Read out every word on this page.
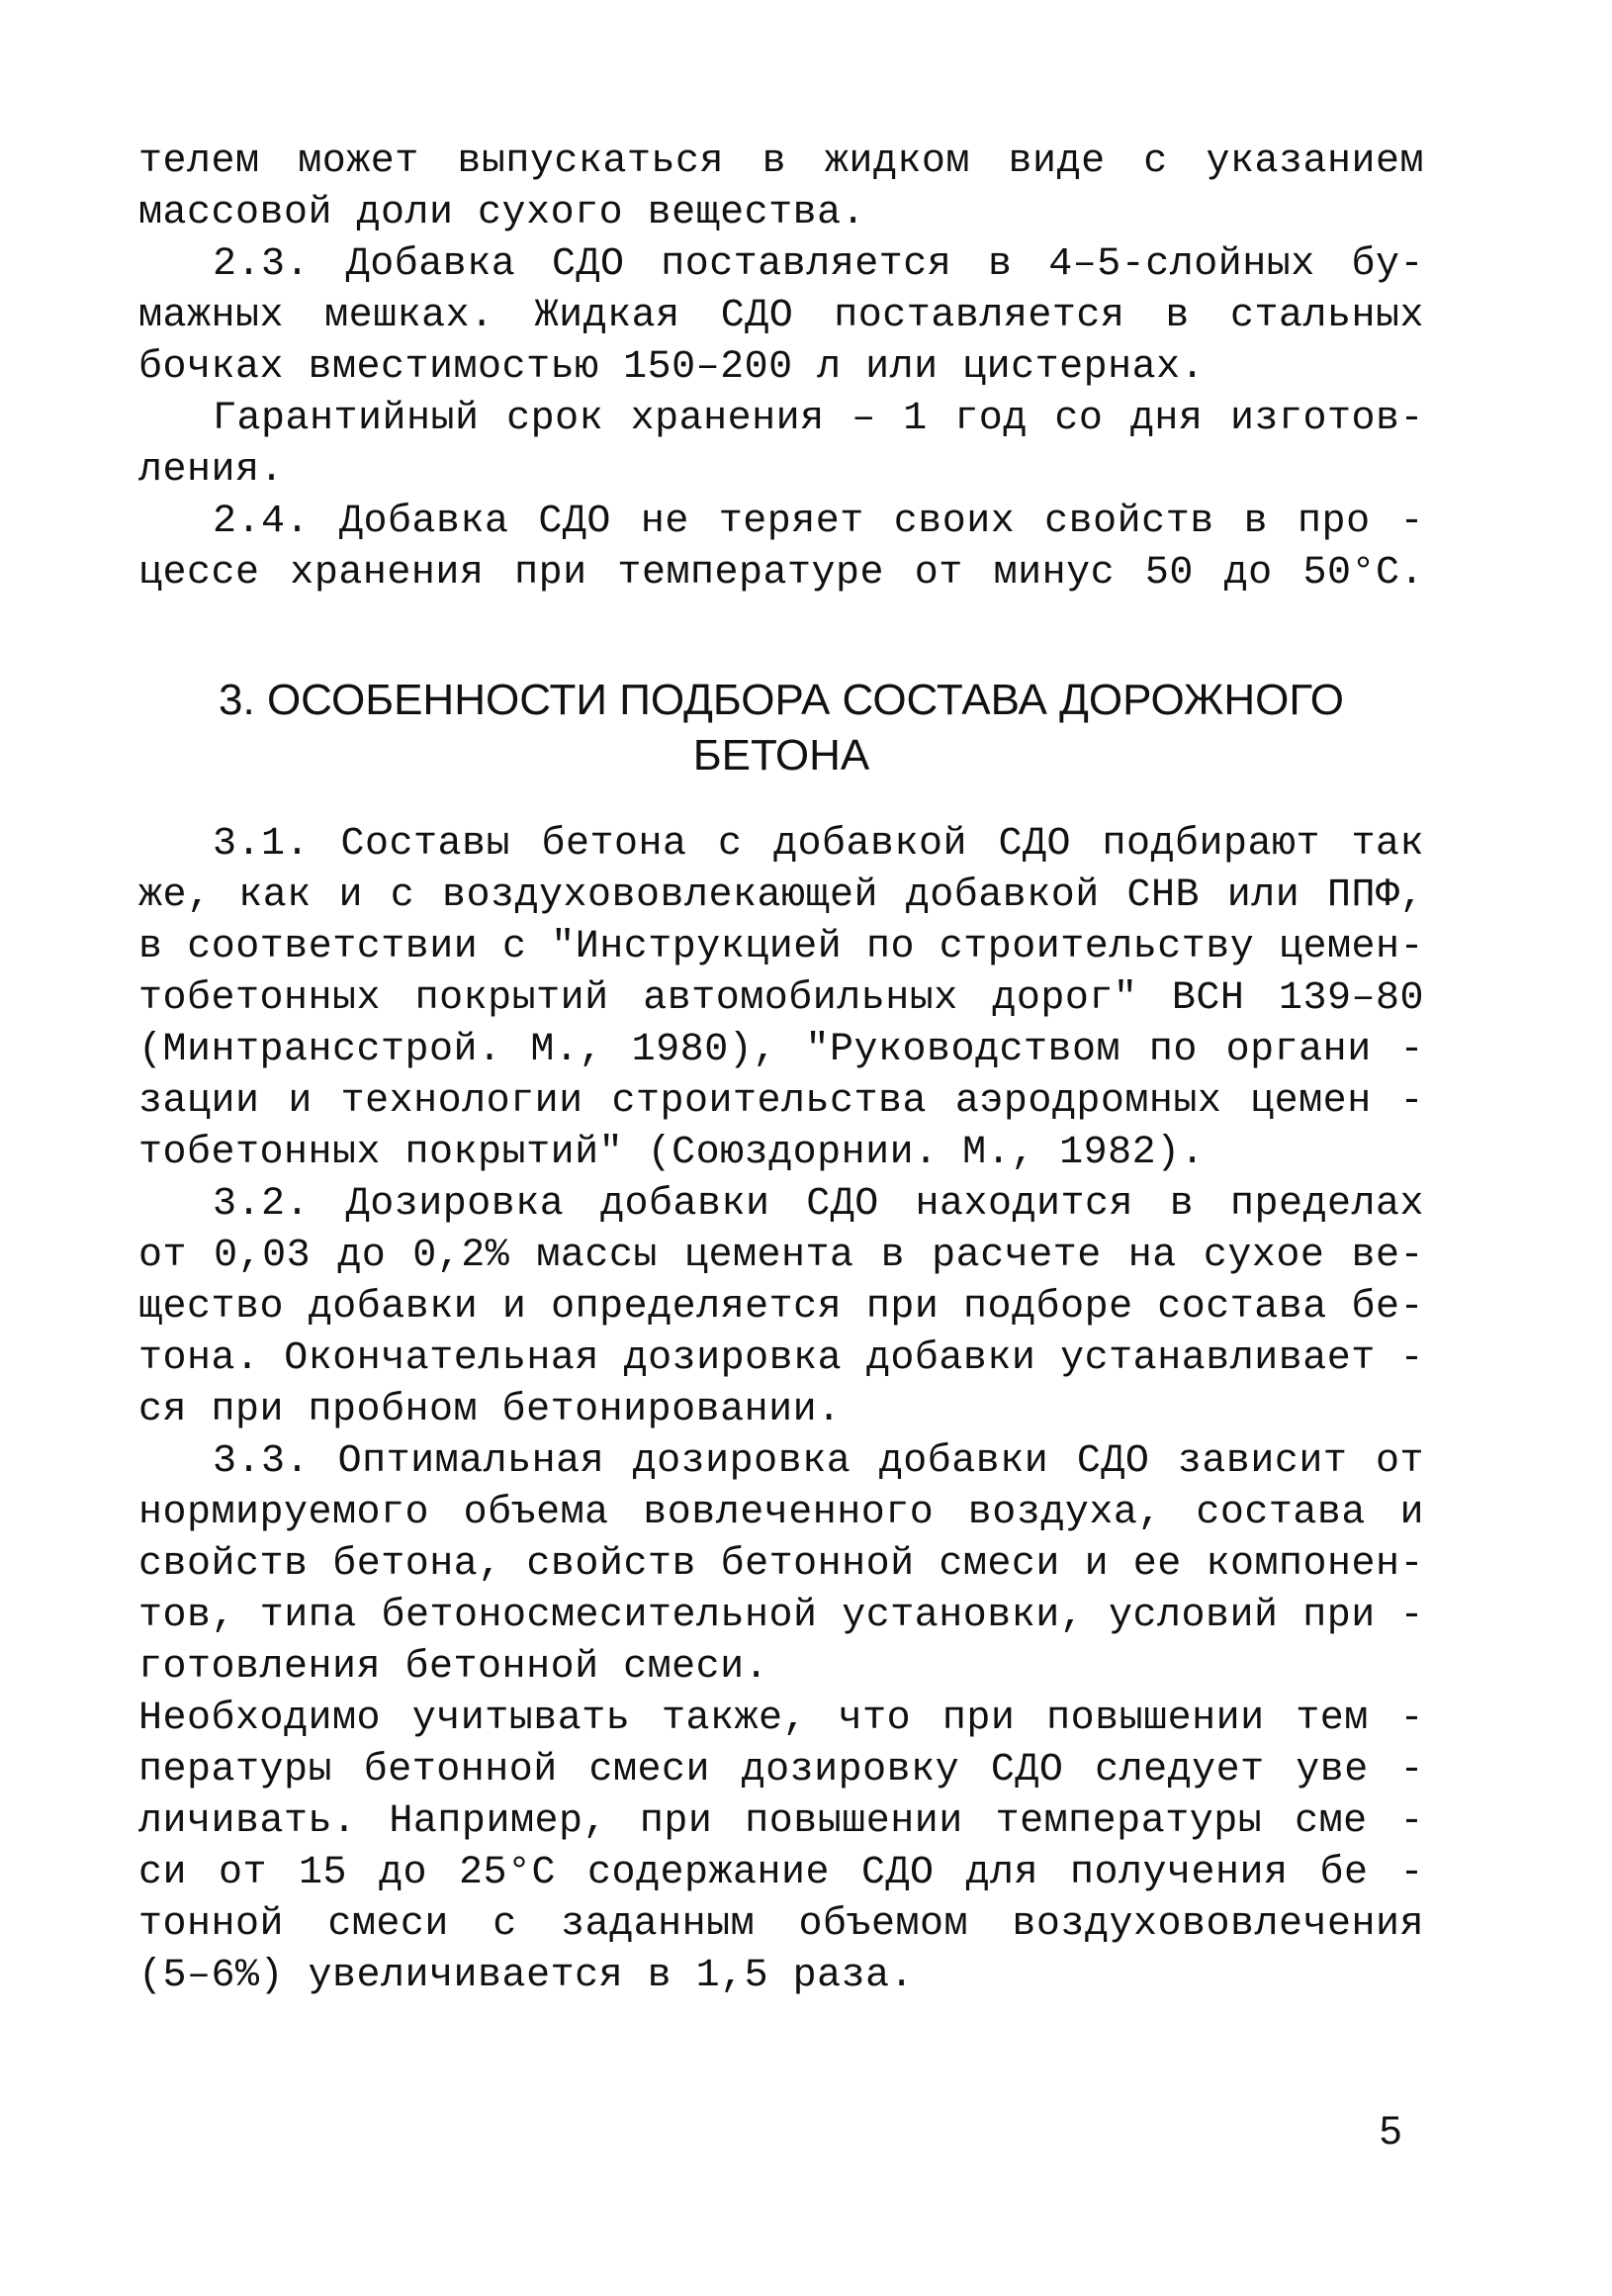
телем может выпускаться в жидком виде с указанием
массовой доли сухого вещества.
2.3. Добавка СДО поставляется в 4–5-слойных бу-
мажных мешках. Жидкая СДО поставляется в стальных
бочках вместимостью 150–200 л или цистернах.
Гарантийный срок хранения – 1 год со дня изготов-
ления.
2.4. Добавка СДО не теряет своих свойств в про -
цессе хранения при температуре от минус 50 до 50°С.
3. ОСОБЕННОСТИ ПОДБОРА СОСТАВА ДОРОЖНОГО
БЕТОНА
3.1. Составы бетона с добавкой СДО подбирают так
же, как и с воздухововлекающей добавкой СНВ или ППФ,
в соответствии с "Инструкцией по строительству цемен-
тобетонных покрытий автомобильных дорог" ВСН 139–80
(Минтрансстрой. М., 1980), "Руководством по органи -
зации и технологии строительства аэродромных цемен -
тобетонных покрытий" (Союздорнии. М., 1982).
3.2. Дозировка добавки СДО находится в пределах
от 0,03 до 0,2% массы цемента в расчете на сухое ве-
щество добавки и определяется при подборе состава бе-
тона. Окончательная дозировка добавки устанавливает -
ся при пробном бетонировании.
3.3. Оптимальная дозировка добавки СДО зависит от
нормируемого объема вовлеченного воздуха, состава и
свойств бетона, свойств бетонной смеси и ее компонен-
тов, типа бетоносмесительной установки, условий при -
готовления бетонной смеси.
Необходимо учитывать также, что при повышении тем -
пературы бетонной смеси дозировку СДО следует уве -
личивать. Например, при повышении температуры сме -
си от 15 до 25°С содержание СДО для получения бе -
тонной смеси с заданным объемом воздухововлечения
(5–6%) увеличивается в 1,5 раза.
5
